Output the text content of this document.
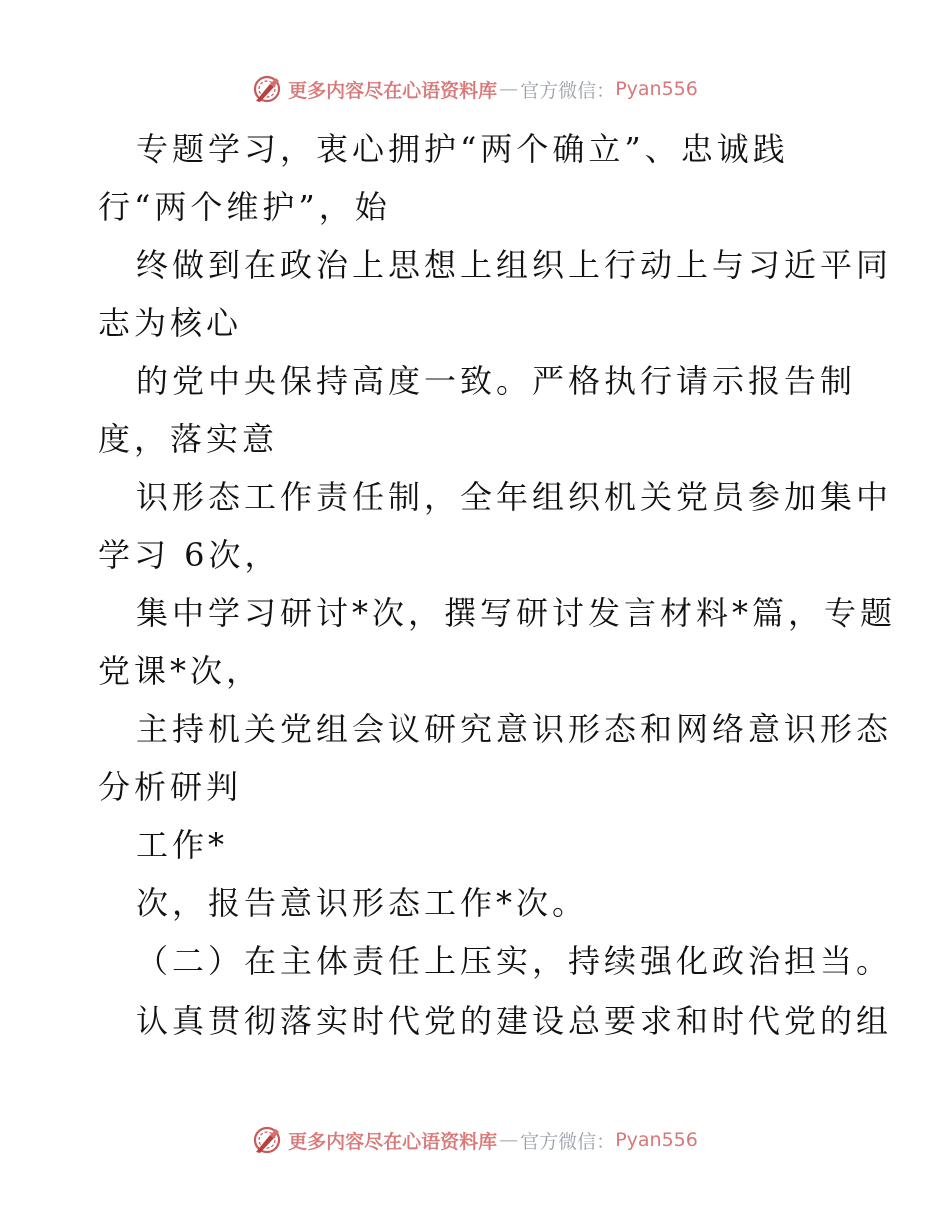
更多内容尽在心语资料库 — 官方微信： Pyan556
专题学习，衷心拥护“两个确立”、忠诚践
行“两个维护”，始
终做到在政治上思想上组织上行动上与习近平同
志为核心
的党中央保持高度一致。严格执行请示报告制
度，落实意
识形态工作责任制，全年组织机关党员参加集中
学习 6次，
集中学习研讨*次，撰写研讨发言材料*篇，专题
党课*次，
主持机关党组会议研究意识形态和网络意识形态
分析研判
工作*
次，报告意识形态工作*次。
（二）在主体责任上压实，持续强化政治担当。
认真贯彻落实时代党的建设总要求和时代党的组
更多内容尽在心语资料库 — 官方微信： Pyan556
